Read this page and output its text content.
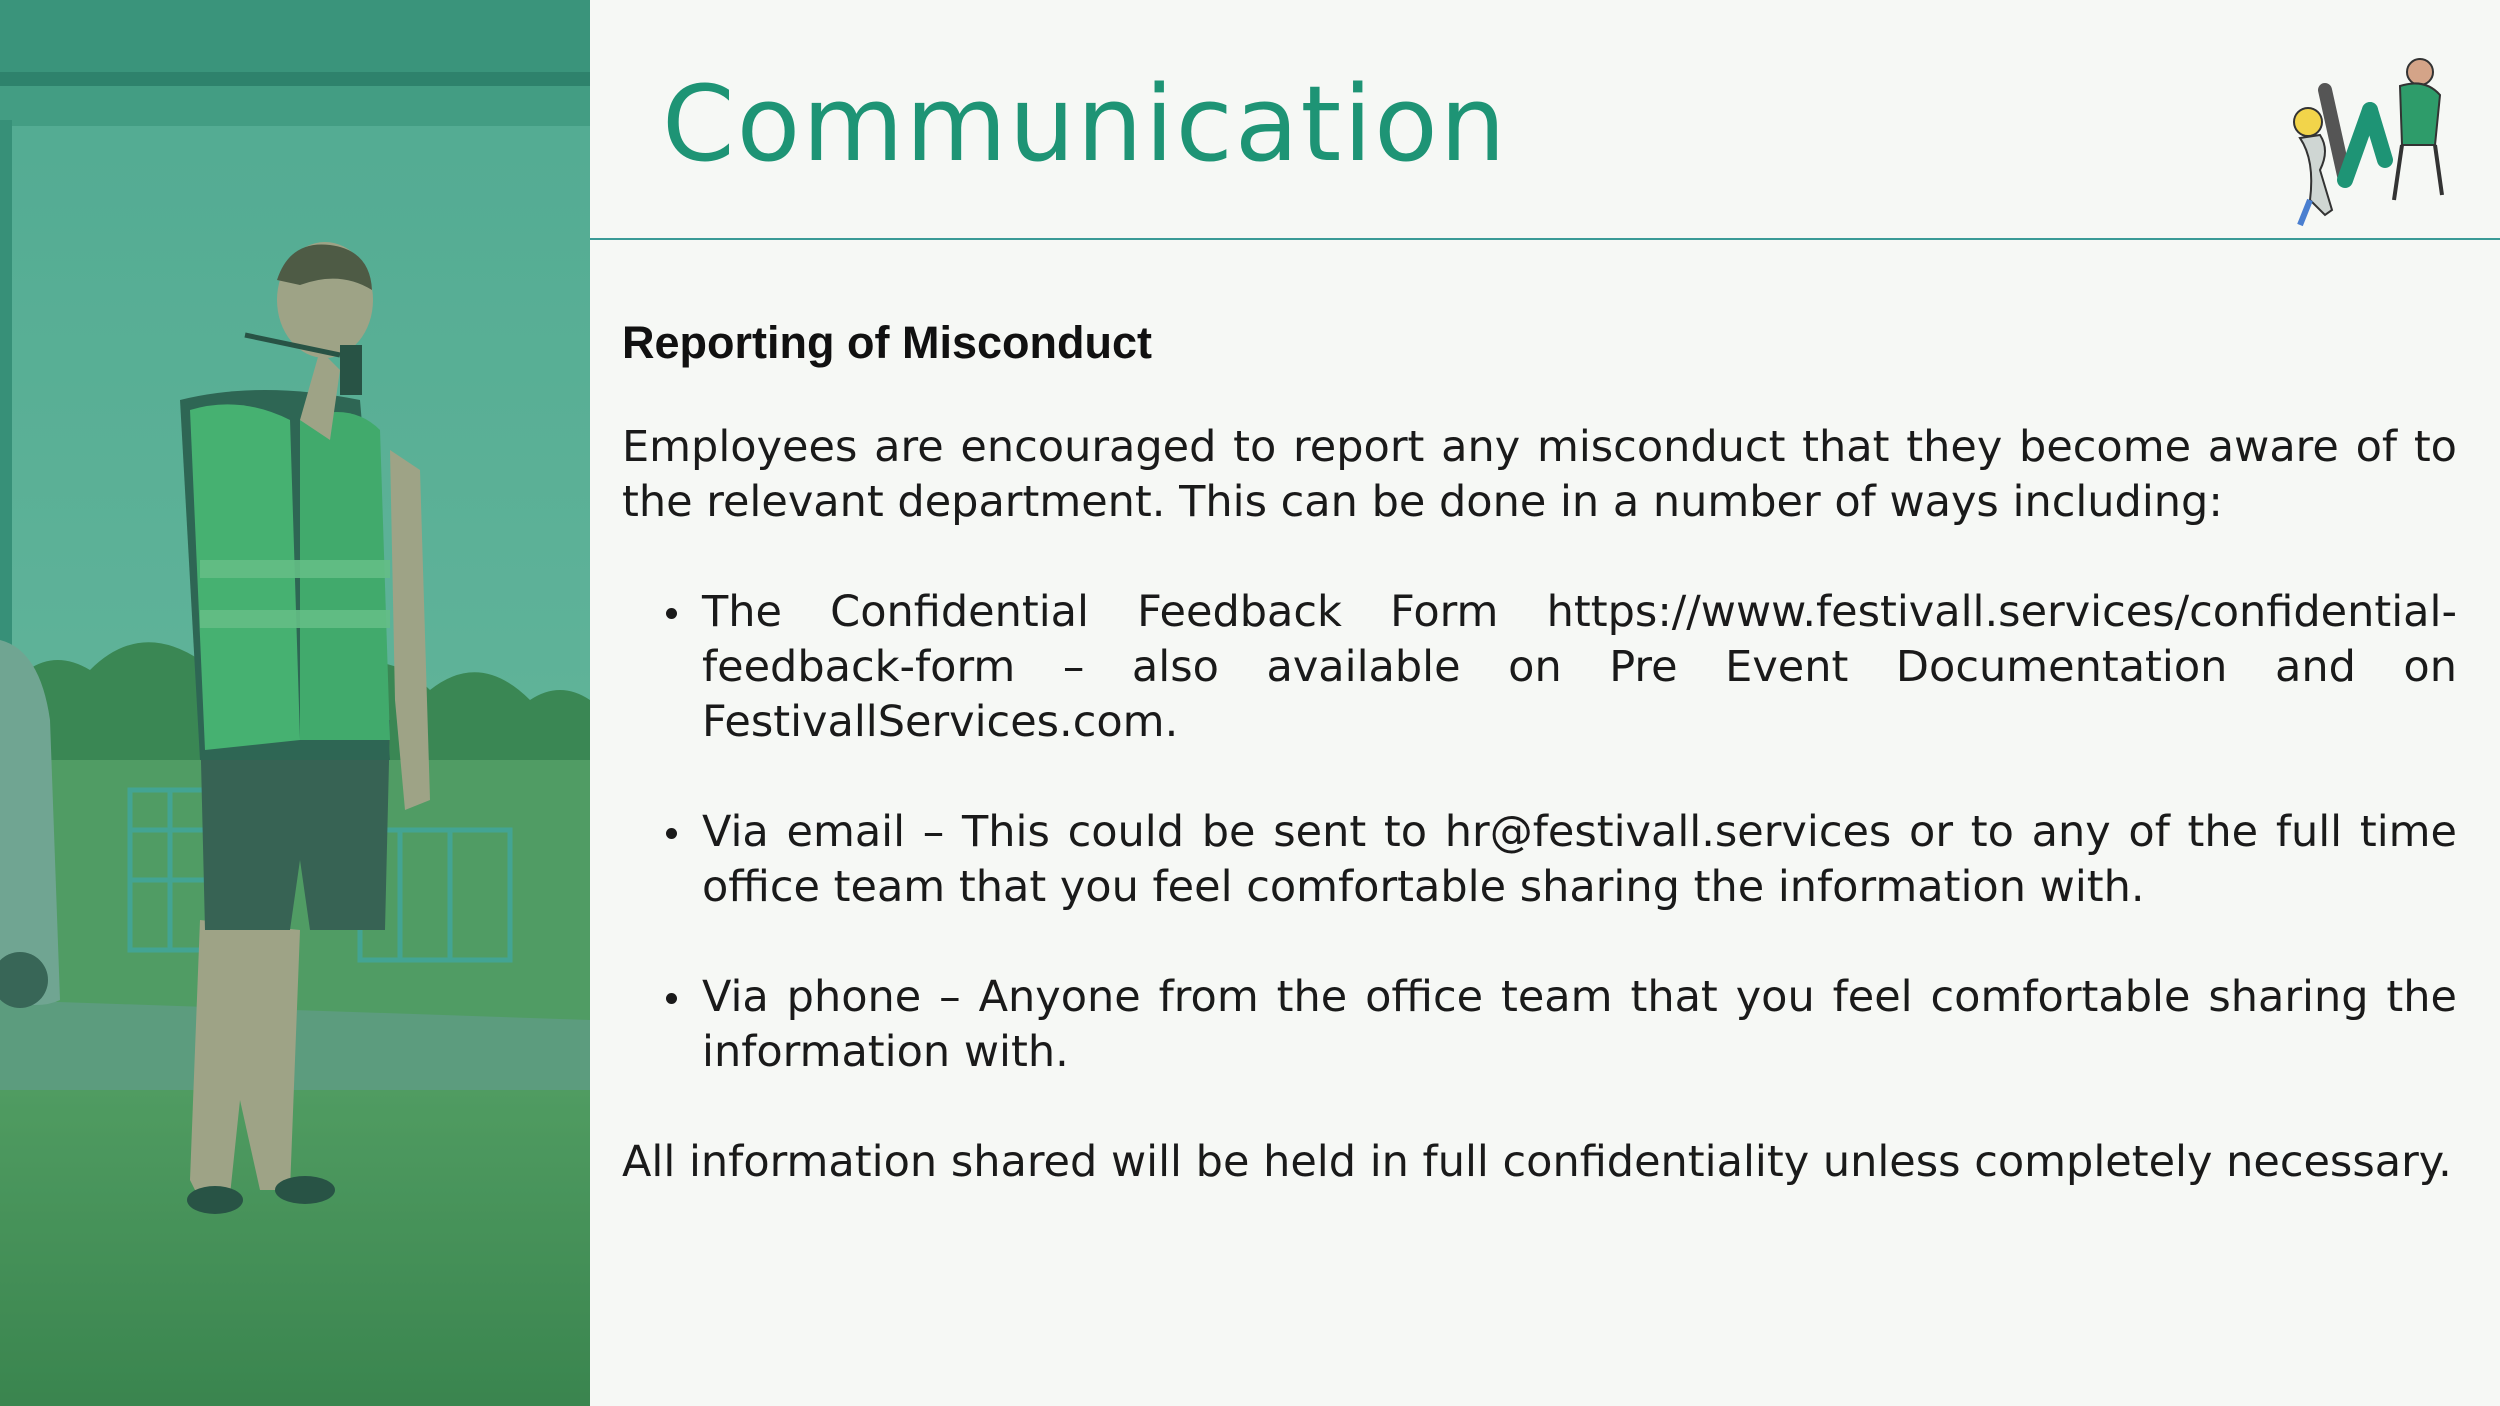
Communication

Reporting of Misconduct

Employees are encouraged to report any misconduct that they become aware of to the relevant department. This can be done in a number of ways including:

The Confidential Feedback Form https://www.festivall.services/confidential-feedback-form – also available on Pre Event Documentation and on FestivallServices.com.
Via email – This could be sent to hr@festivall.services or to any of the full time office team that you feel comfortable sharing the information with.
Via phone – Anyone from the office team that you feel comfortable sharing the information with.

All information shared will be held in full confidentiality unless completely necessary.
